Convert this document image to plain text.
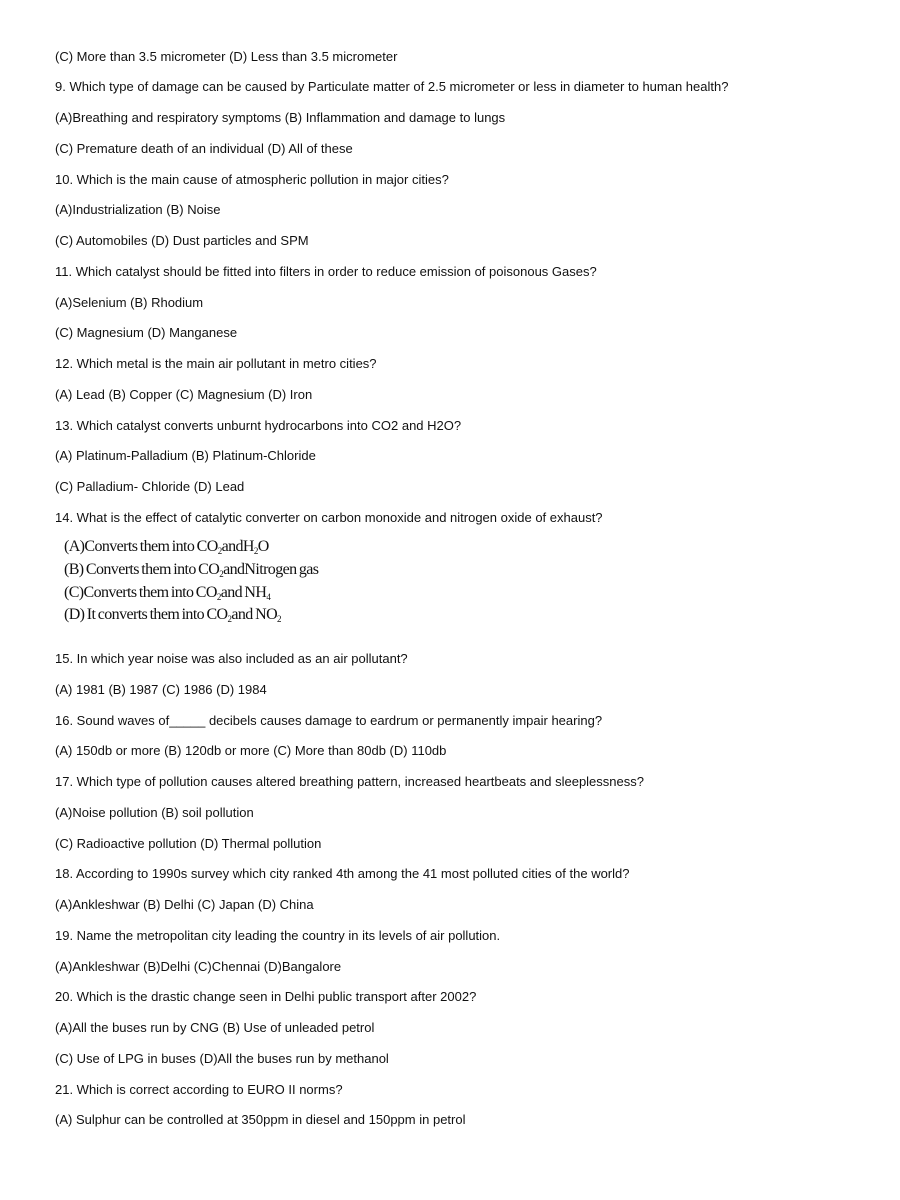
(C) More than 3.5 micrometer (D) Less than 3.5 micrometer
9. Which type of damage can be caused by Particulate matter of 2.5 micrometer or less in diameter to human health?
(A)Breathing and respiratory symptoms (B) Inflammation and damage to lungs
(C) Premature death of an individual (D) All of these
10. Which is the main cause of atmospheric pollution in major cities?
(A)Industrialization (B) Noise
(C) Automobiles (D) Dust particles and SPM
11. Which catalyst should be fitted into filters in order to reduce emission of poisonous Gases?
(A)Selenium (B) Rhodium
(C) Magnesium (D) Manganese
12. Which metal is the main air pollutant in metro cities?
(A) Lead (B) Copper (C) Magnesium (D) Iron
13. Which catalyst converts unburnt hydrocarbons into CO2 and H2O?
(A) Platinum-Palladium (B) Platinum-Chloride
(C) Palladium- Chloride (D) Lead
14. What is the effect of catalytic converter on carbon monoxide and nitrogen oxide of exhaust?
(A)Converts them into $CO_2andH_2O$
(B) Converts them into $CO_2andNitrogen$ gas
(C)Converts them into $CO_2and$ $NH_4$
(D) It converts them into $CO_2and$ $NO_2$
15. In which year noise was also included as an air pollutant?
(A) 1981 (B) 1987 (C) 1986 (D) 1984
16. Sound waves of_____ decibels causes damage to eardrum or permanently impair hearing?
(A) 150db or more (B) 120db or more (C) More than 80db (D) 110db
17. Which type of pollution causes altered breathing pattern, increased heartbeats and sleeplessness?
(A)Noise pollution (B) soil pollution
(C) Radioactive pollution (D) Thermal pollution
18. According to 1990s survey which city ranked 4th among the 41 most polluted cities of the world?
(A)Ankleshwar (B) Delhi (C) Japan (D) China
19. Name the metropolitan city leading the country in its levels of air pollution.
(A)Ankleshwar (B)Delhi (C)Chennai (D)Bangalore
20. Which is the drastic change seen in Delhi public transport after 2002?
(A)All the buses run by CNG (B) Use of unleaded petrol
(C) Use of LPG in buses (D)All the buses run by methanol
21. Which is correct according to EURO II norms?
(A) Sulphur can be controlled at 350ppm in diesel and 150ppm in petrol
